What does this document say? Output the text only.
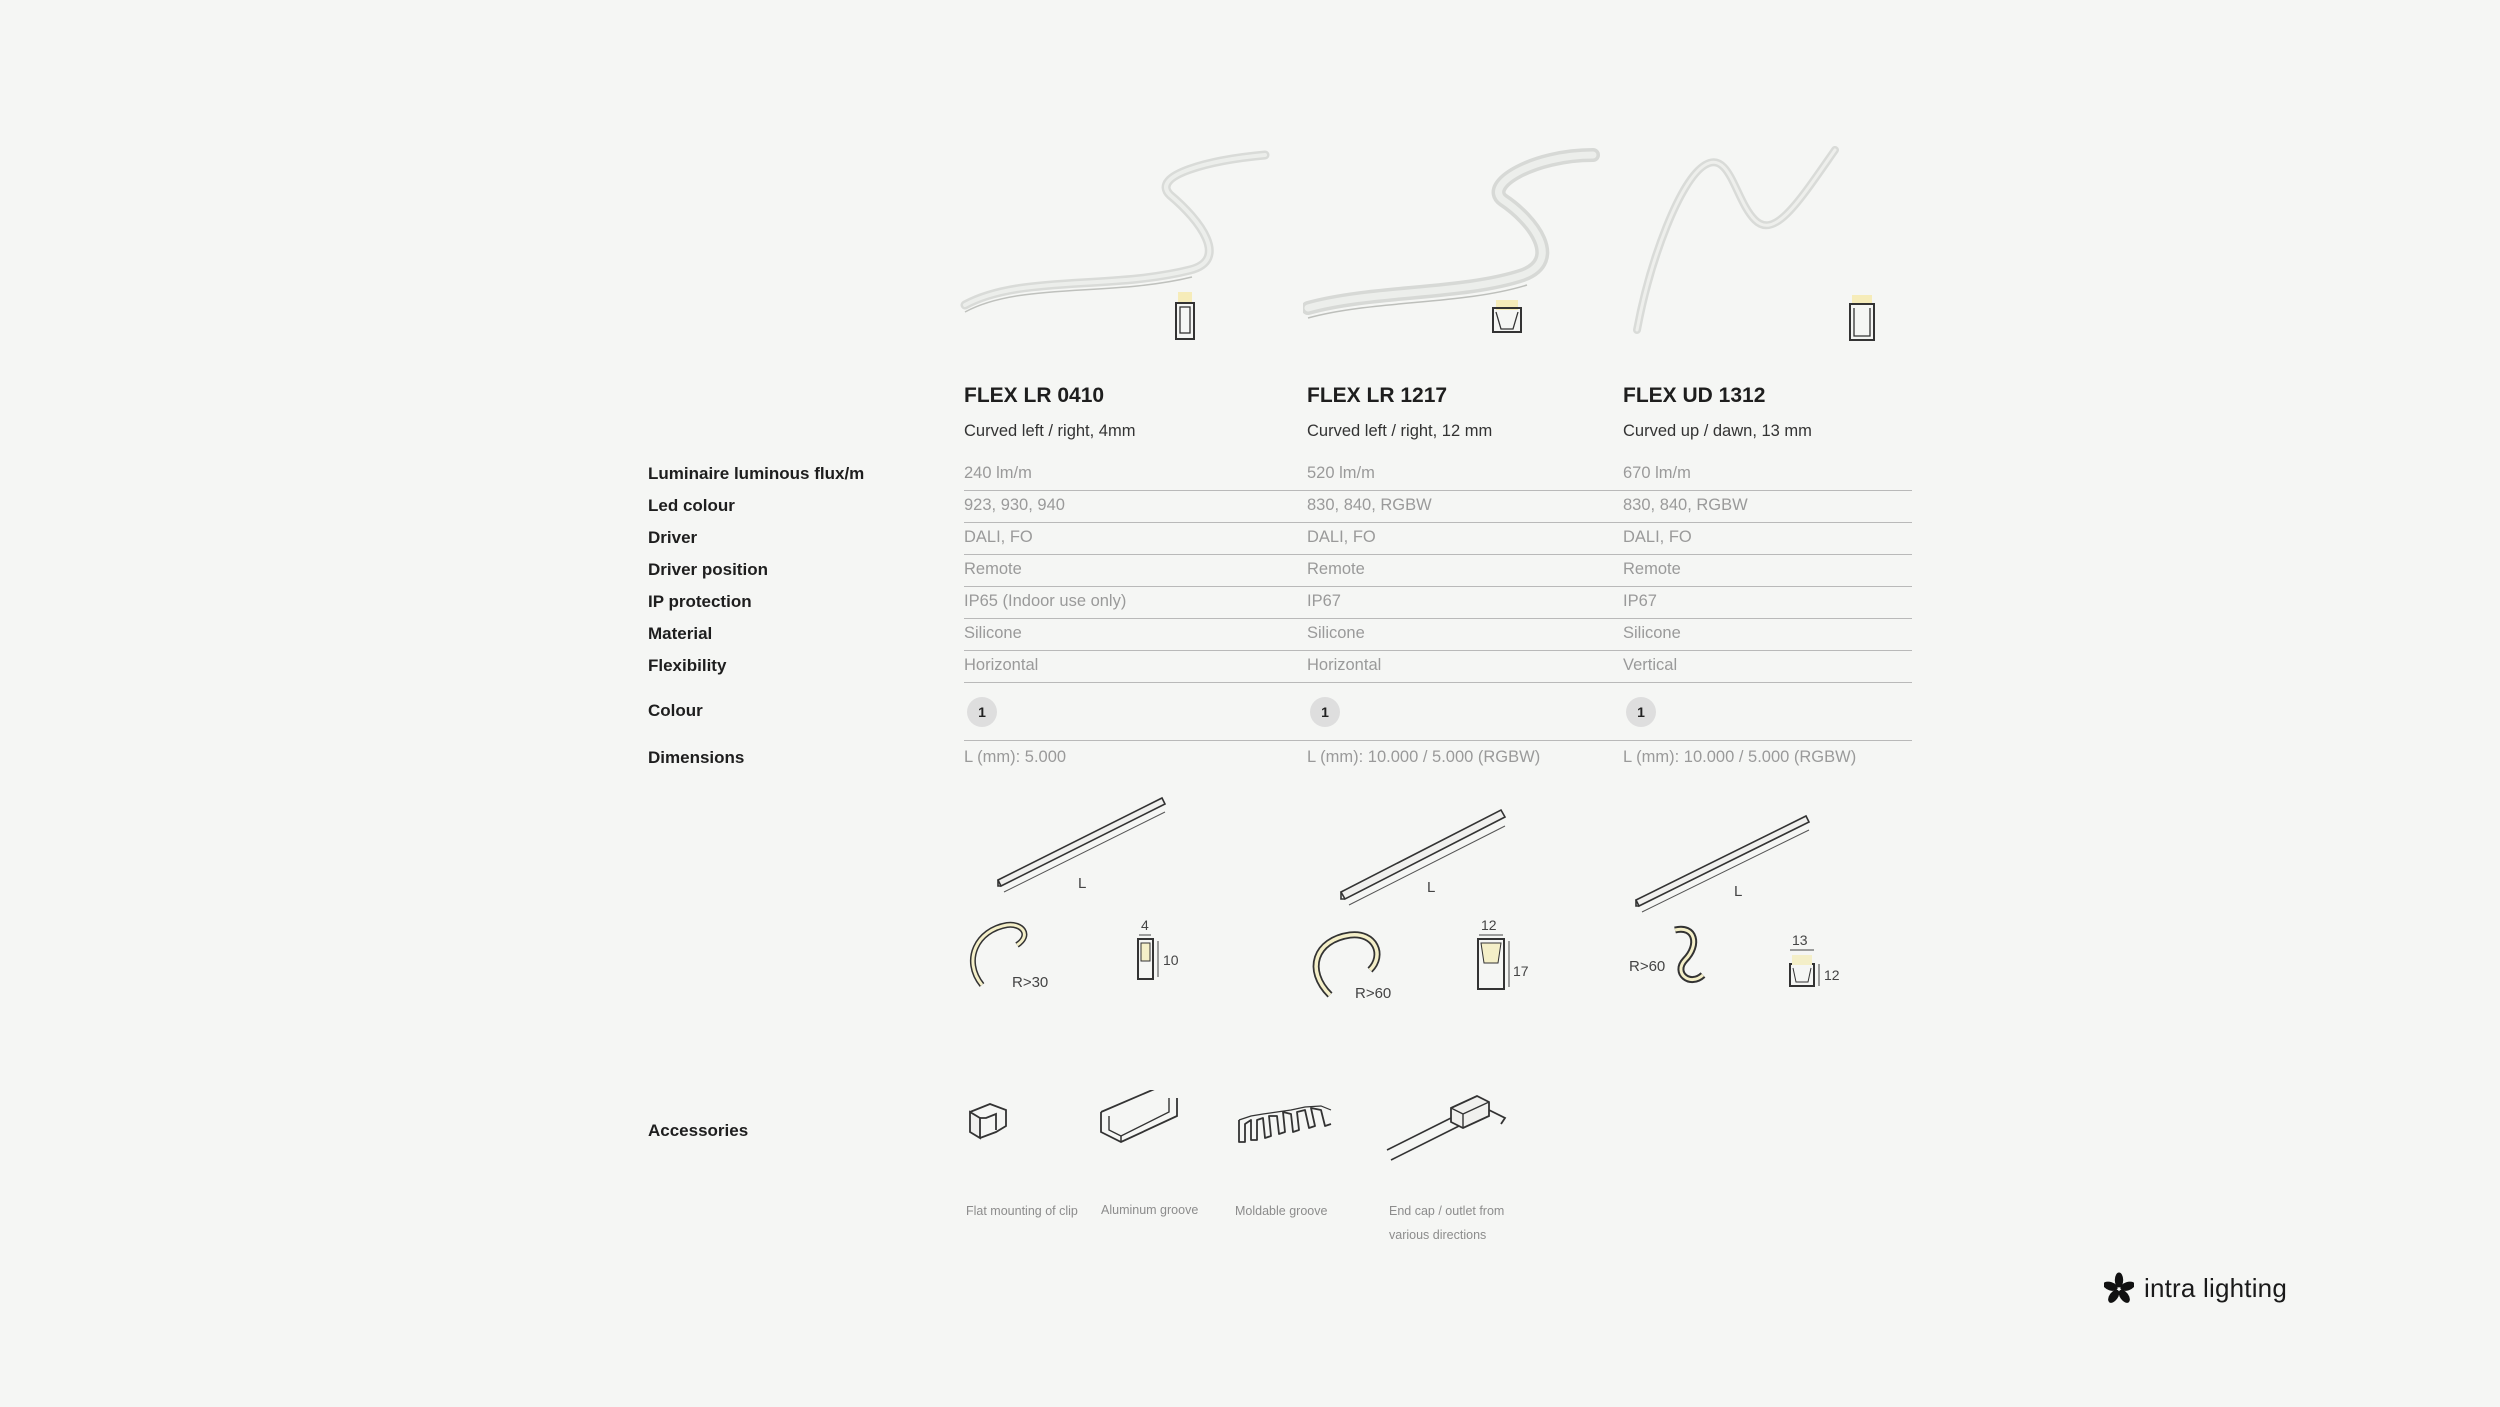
FLEX LR 0410
Curved left / right, 4mm
FLEX LR 1217
Curved left / right, 12 mm
FLEX UD 1312
Curved up / dawn, 13 mm
Luminaire luminous flux/m	240 lm/m	520 lm/m	670 lm/m
Led colour	923, 930, 940	830, 840, RGBW	830, 840, RGBW
Driver	DALI, FO	DALI, FO	DALI, FO
Driver position	Remote	Remote	Remote
IP protection	IP65 (Indoor use only)	IP67	IP67
Material	Silicone	Silicone	Silicone
Flexibility	Horizontal	Horizontal	Vertical
Colour	1	1	1
Dimensions	L (mm): 5.000	L (mm): 10.000 / 5.000 (RGBW)	L (mm): 10.000 / 5.000 (RGBW)
L
R>30
4
10
L
R>60
12
17
L
R>60
13
12
Accessories
Flat mounting of clip Aluminum groove	Moldable groove	End cap / outlet from
various directions
intra lighting
